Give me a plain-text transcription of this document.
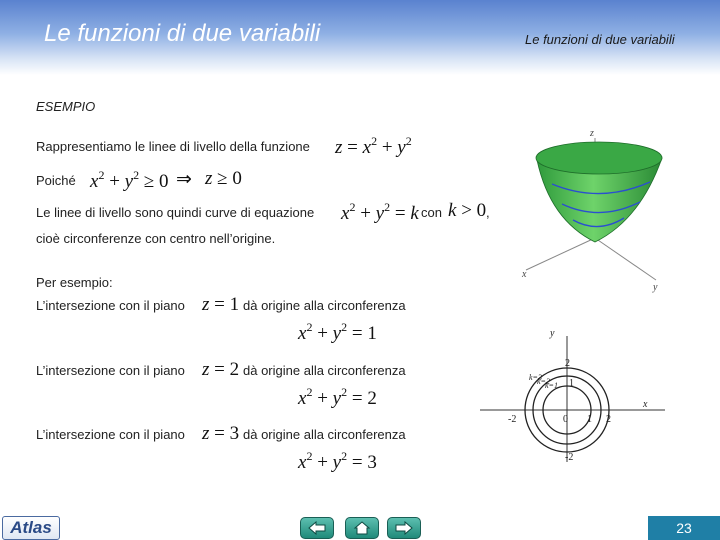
Le funzioni di due variabili	Le funzioni di due variabili
ESEMPIO
Rappresentiamo le linee di livello della funzione $z = x^2 + y^2$
Poiché $x^2 + y^2 \ge 0$ ⇒ z ≥ 0
Le linee di livello sono quindi curve di equazione $x^2 + y^2 = k$ con k > 0 ,
cioè circonferenze con centro nell’origine.
Per esempio:
L’intersezione con il piano z = 1 dà origine alla circonferenza
$x^2 + y^2 = 1$
L’intersezione con il piano z = 2 dà origine alla circonferenza
$x^2 + y^2 = 2$
L’intersezione con il piano z = 3 dà origine alla circonferenza
$x^2 + y^2 = 3$
z
x
y
y
x
2
-2
-2	2
0 1
1
k=3
k=2
k=1
Atlas	23
